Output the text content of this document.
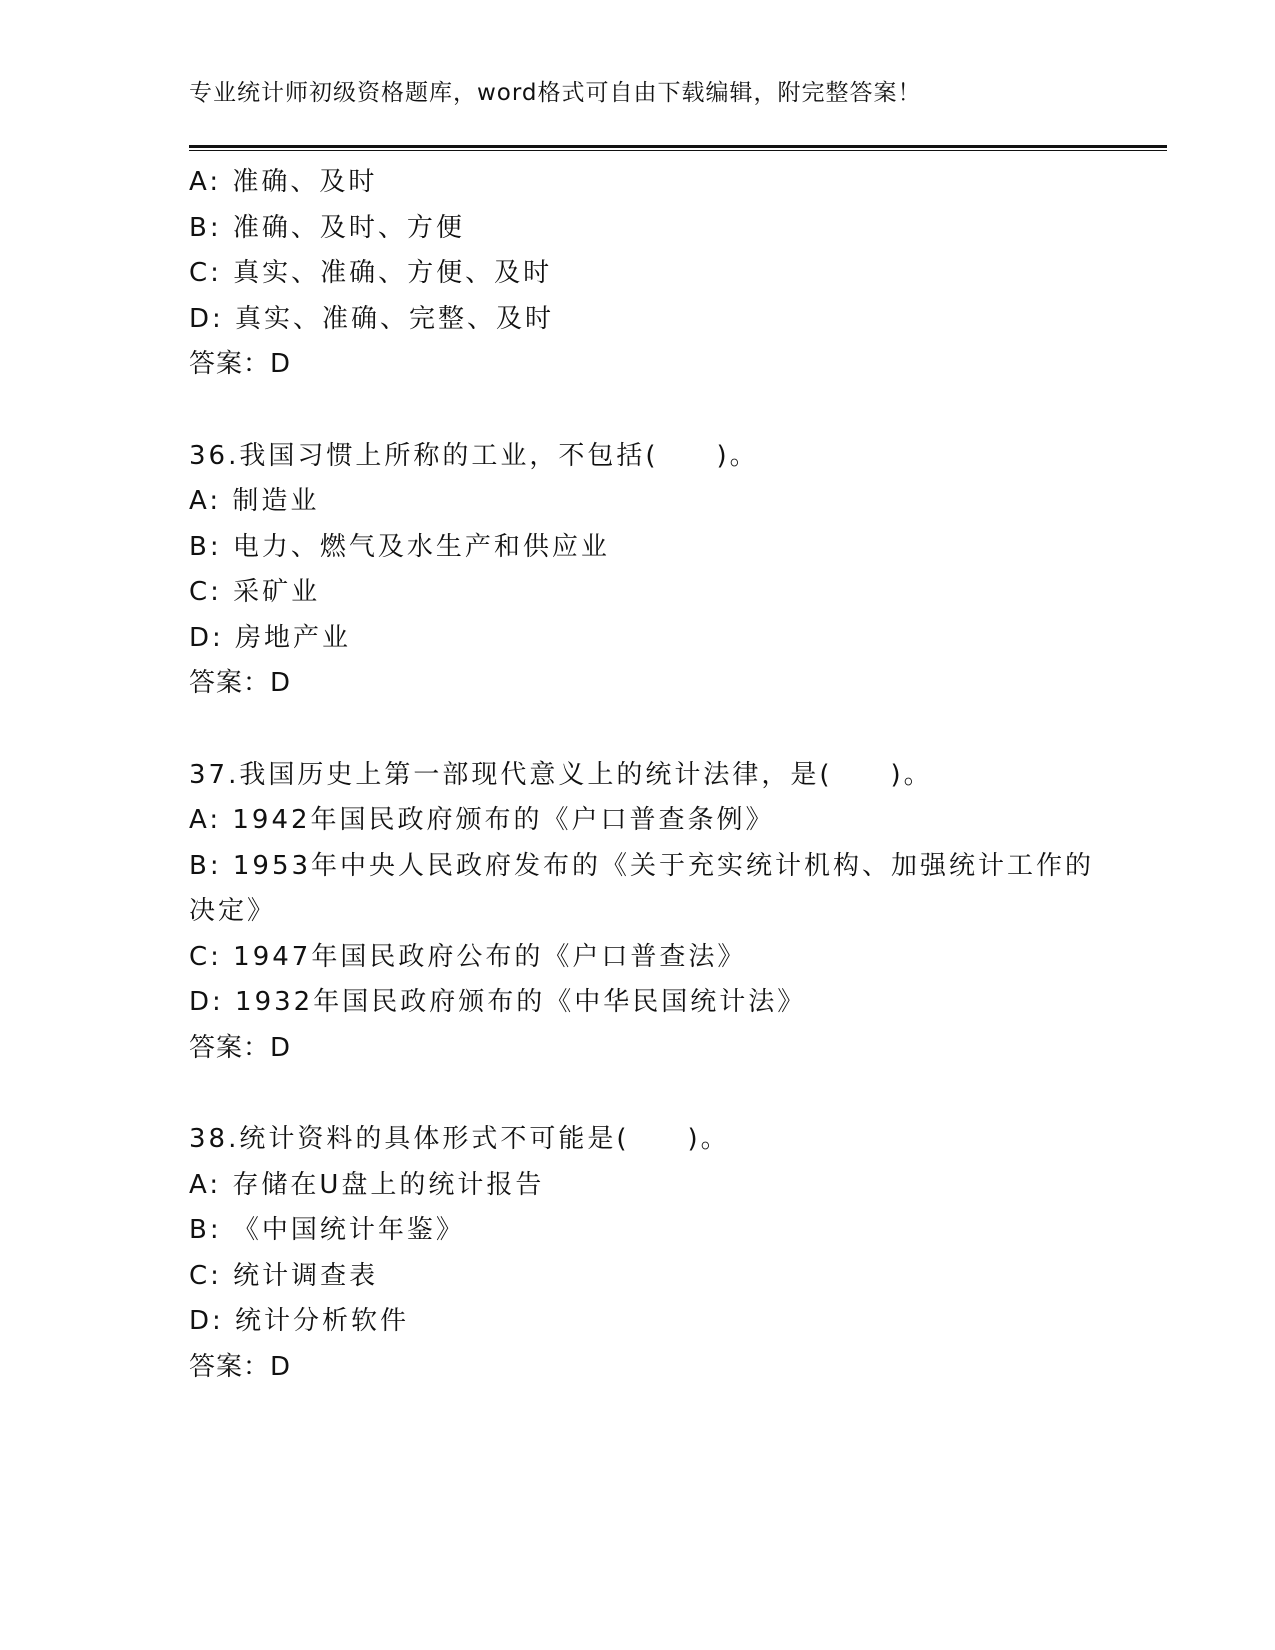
专业统计师初级资格题库，word格式可自由下载编辑，附完整答案！
A: 准确、及时
B: 准确、及时、方便
C: 真实、准确、方便、及时
D: 真实、准确、完整、及时
答案：D
36.我国习惯上所称的工业，不包括(　　)。
A: 制造业
B: 电力、燃气及水生产和供应业
C: 采矿业
D: 房地产业
答案：D
37.我国历史上第一部现代意义上的统计法律，是(　　)。
A: 1942年国民政府颁布的《户口普查条例》
B: 1953年中央人民政府发布的《关于充实统计机构、加强统计工作的决定》
C: 1947年国民政府公布的《户口普查法》
D: 1932年国民政府颁布的《中华民国统计法》
答案：D
38.统计资料的具体形式不可能是(　　)。
A: 存储在U盘上的统计报告
B: 《中国统计年鉴》
C: 统计调查表
D: 统计分析软件
答案：D
